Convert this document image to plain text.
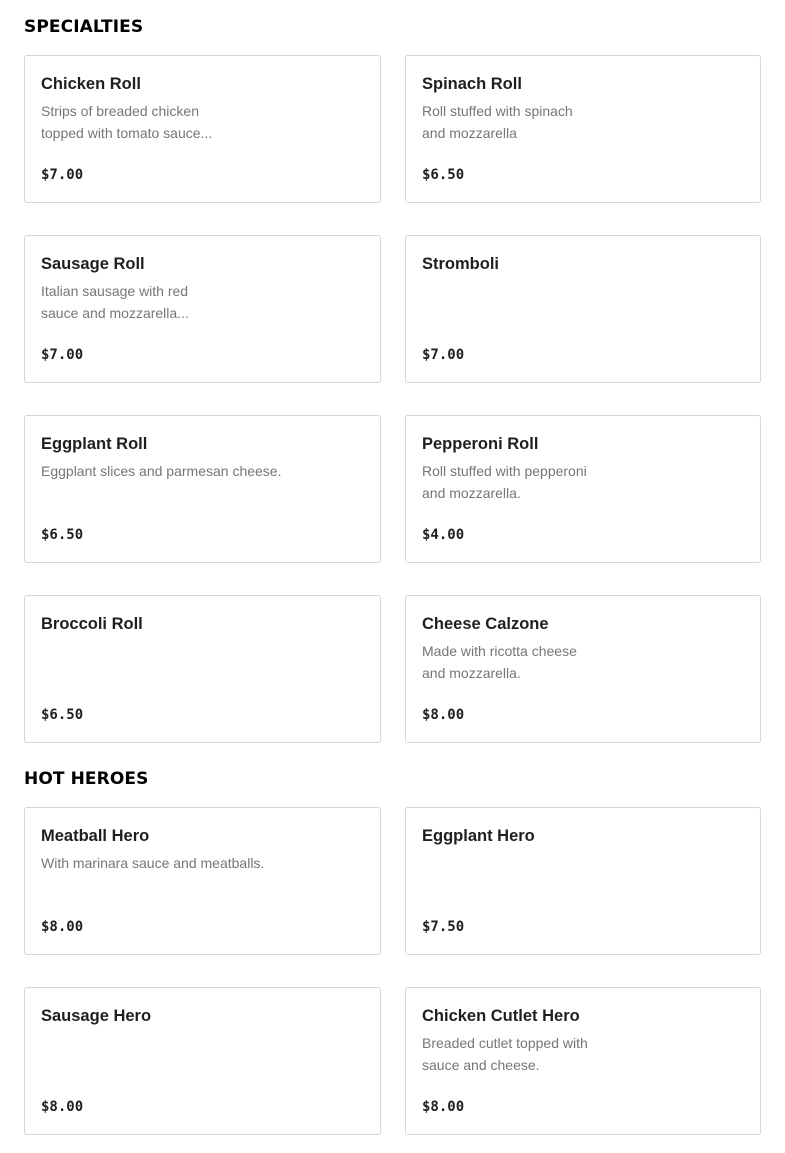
SPECIALTIES
Chicken Roll
Strips of breaded chicken
topped with tomato sauce...
$7.00
Spinach Roll
Roll stuffed with spinach
and mozzarella
$6.50
Sausage Roll
Italian sausage with red
sauce and mozzarella...
$7.00
Stromboli
$7.00
Eggplant Roll
Eggplant slices and parmesan cheese.
$6.50
Pepperoni Roll
Roll stuffed with pepperoni
and mozzarella.
$4.00
Broccoli Roll
$6.50
Cheese Calzone
Made with ricotta cheese
and mozzarella.
$8.00
HOT HEROES
Meatball Hero
With marinara sauce and meatballs.
$8.00
Eggplant Hero
$7.50
Sausage Hero
$8.00
Chicken Cutlet Hero
Breaded cutlet topped with
sauce and cheese.
$8.00
